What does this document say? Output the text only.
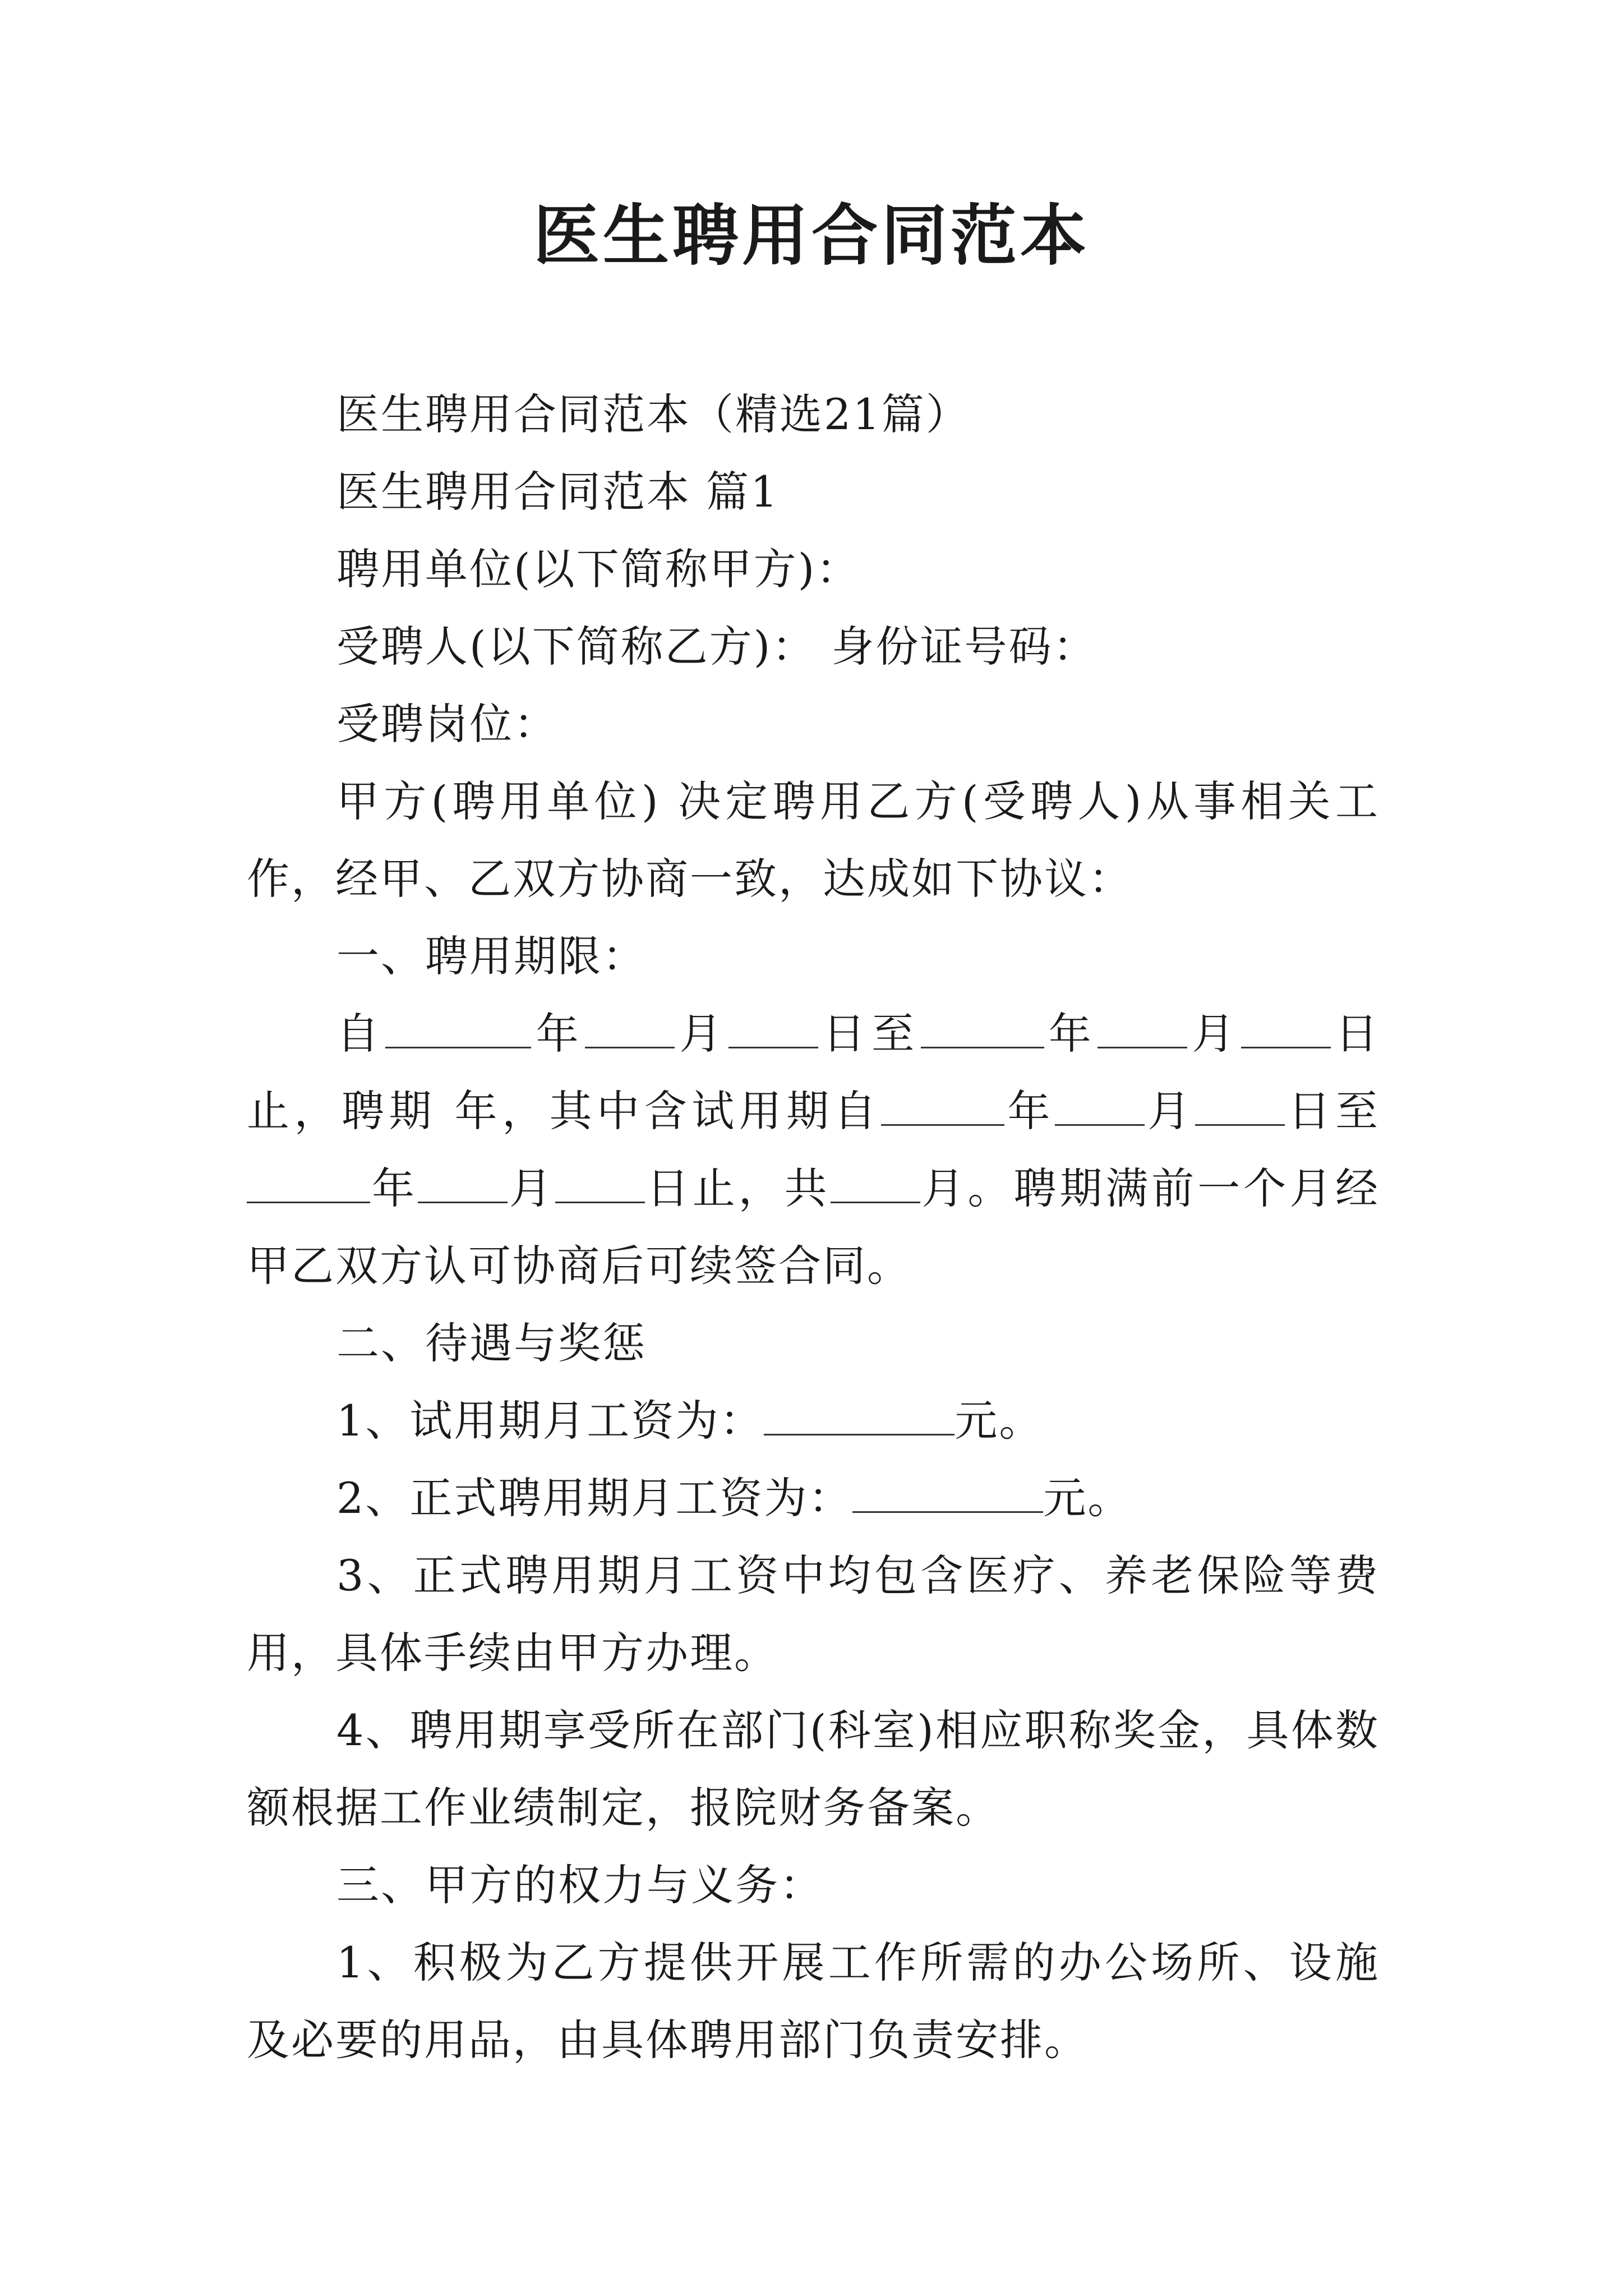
医生聘用合同范本

医生聘用合同范本（精选21篇）

医生聘用合同范本 篇1

聘用单位(以下简称甲方)：

受聘人(以下简称乙方)： 身份证号码：

受聘岗位：

甲方(聘用单位) 决定聘用乙方(受聘人)从事相关工作，经甲、乙双方协商一致，达成如下协议：

一、聘用期限：

自	年 月 日至	年 月 日止，聘期 年，其中含试用期自	年 月 日至年 月 日止，共 月。聘期满前一个月经甲乙双方认可协商后可续签合同。

二、待遇与奖惩

1、试用期月工资为：	元。

2、正式聘用期月工资为：	元。

3、正式聘用期月工资中均包含医疗、养老保险等费用，具体手续由甲方办理。

4、聘用期享受所在部门(科室)相应职称奖金，具体数额根据工作业绩制定，报院财务备案。

三、甲方的权力与义务：

1、积极为乙方提供开展工作所需的办公场所、设施及必要的用品，由具体聘用部门负责安排。
